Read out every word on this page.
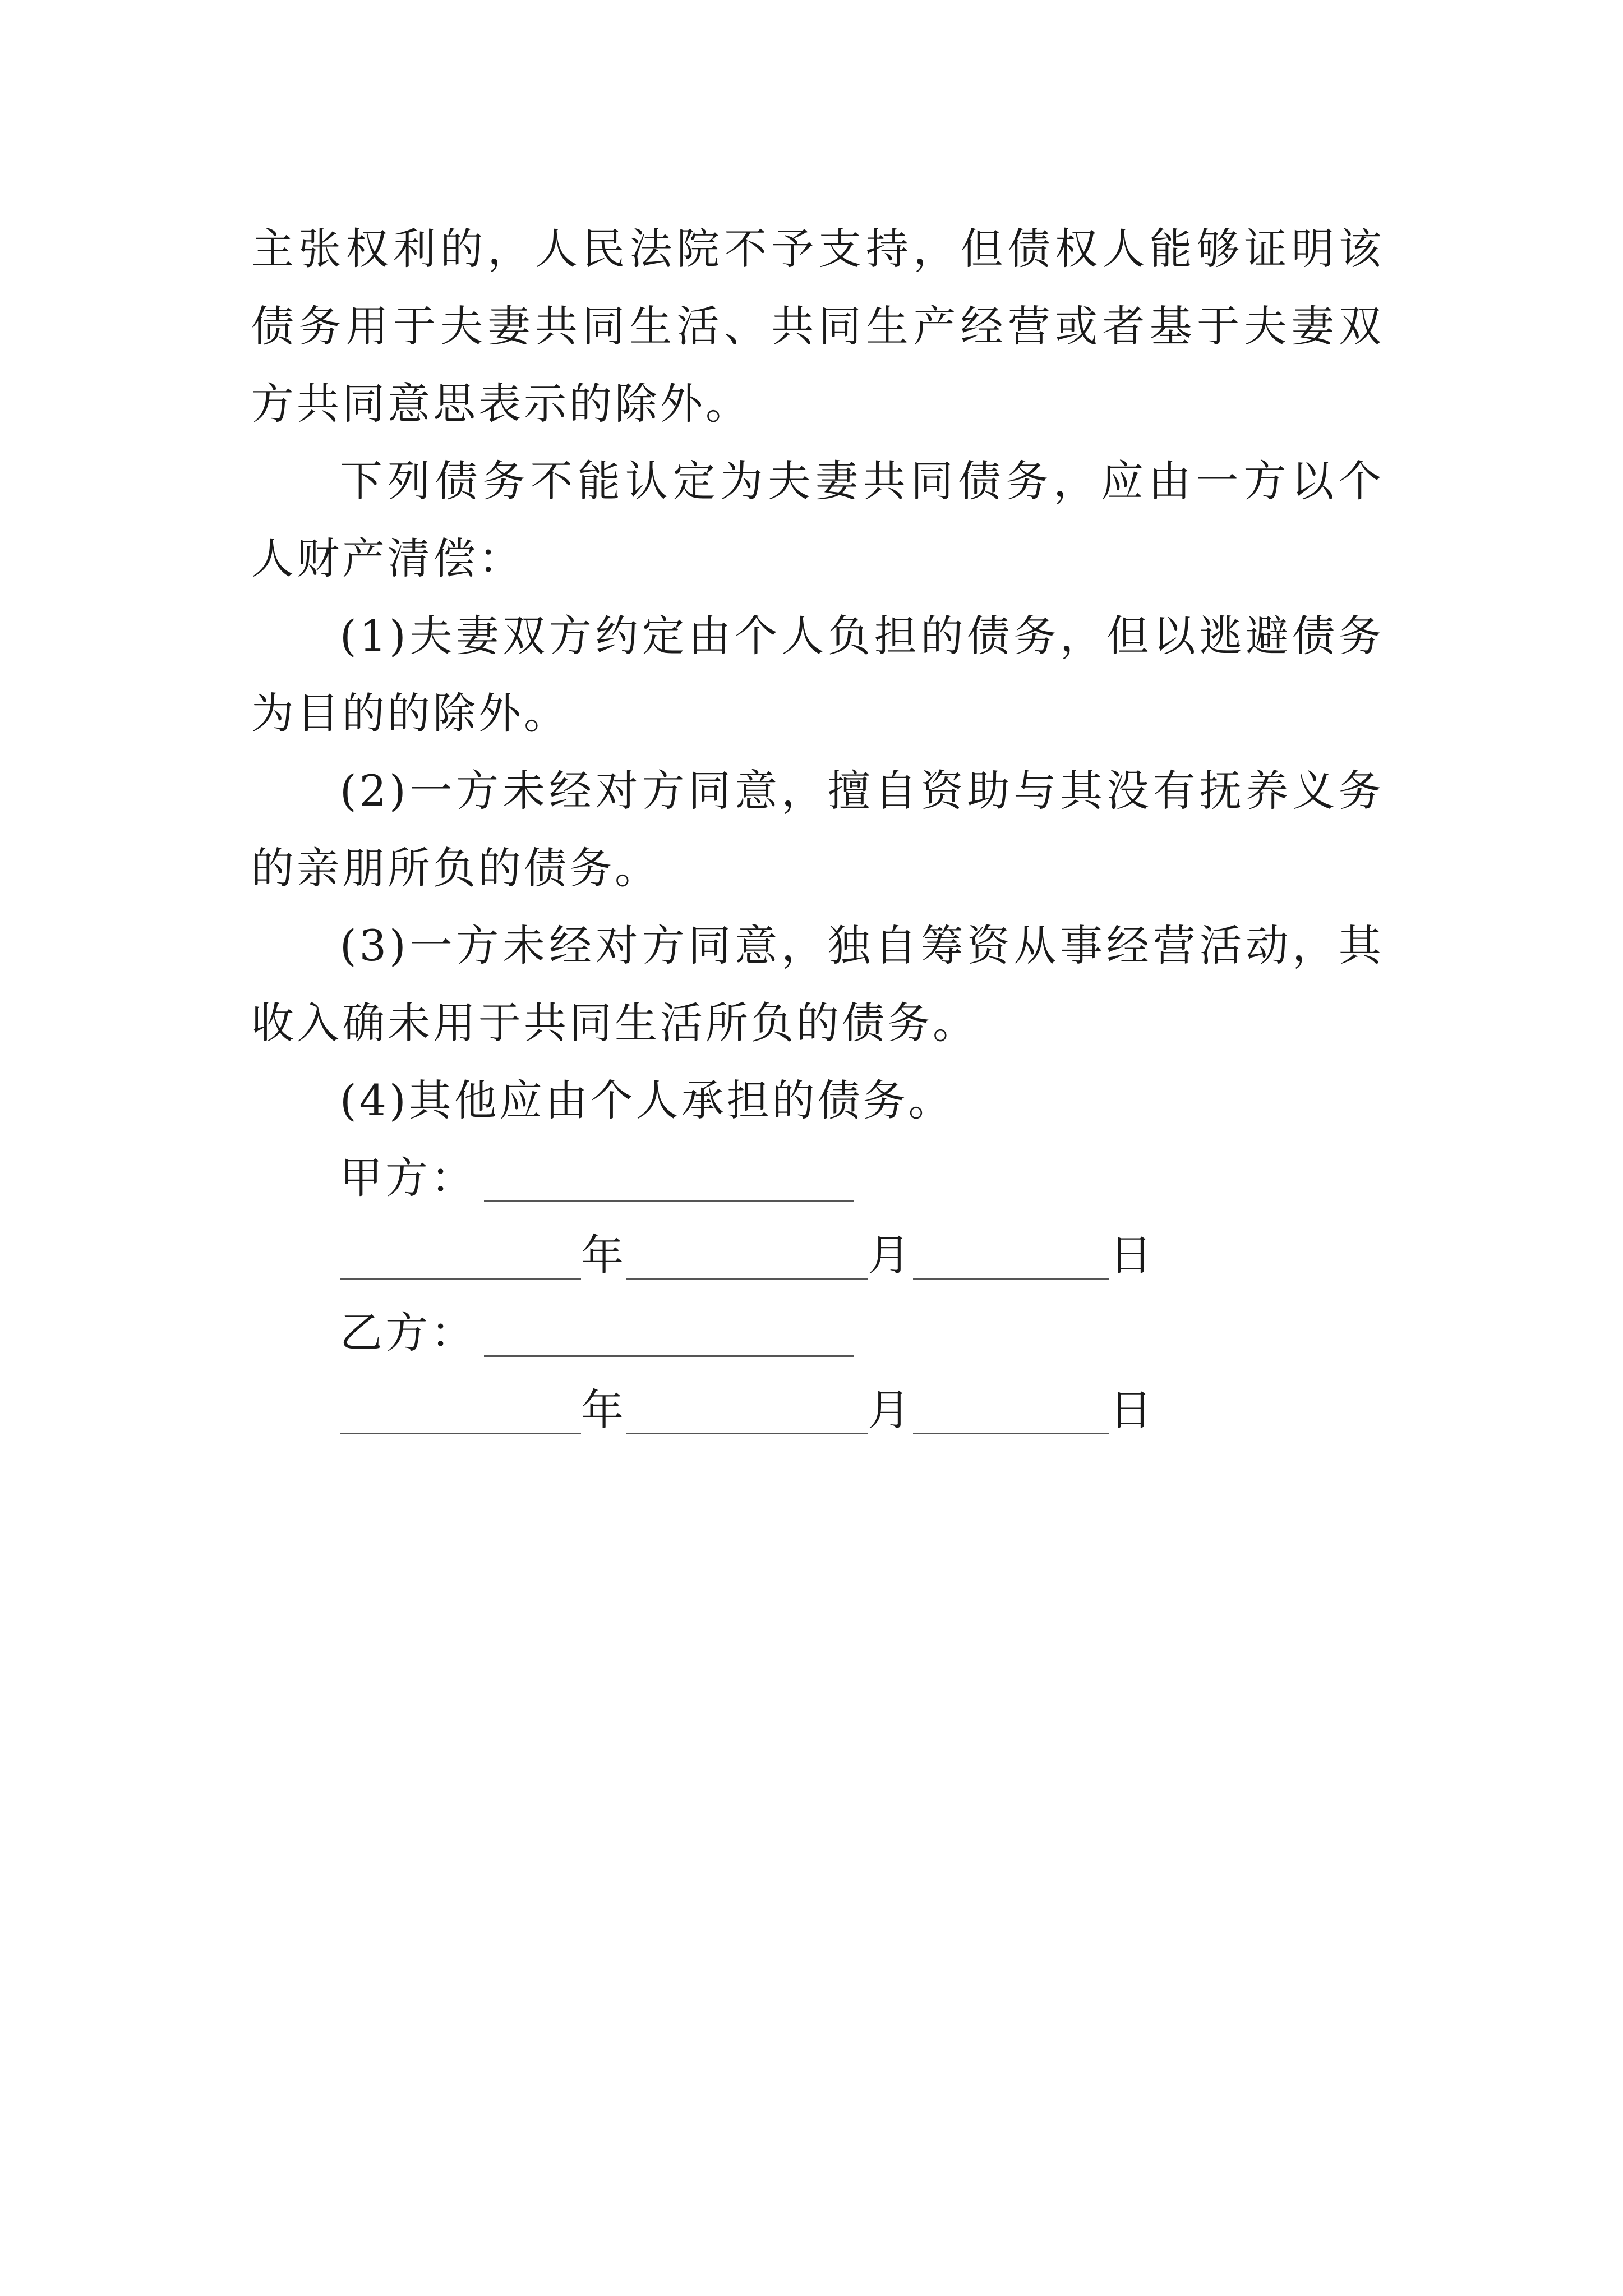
主张权利的，人民法院不予支持，但债权人能够证明该债务用于夫妻共同生活、共同生产经营或者基于夫妻双方共同意思表示的除外。

下列债务不能认定为夫妻共同债务，应由一方以个人财产清偿：

(1)夫妻双方约定由个人负担的债务，但以逃避债务为目的的除外。

(2)一方未经对方同意，擅自资助与其没有抚养义务的亲朋所负的债务。

(3)一方未经对方同意，独自筹资从事经营活动，其收入确未用于共同生活所负的债务。

(4)其他应由个人承担的债务。

甲方：
年	月	日
乙方：
年	月	日
